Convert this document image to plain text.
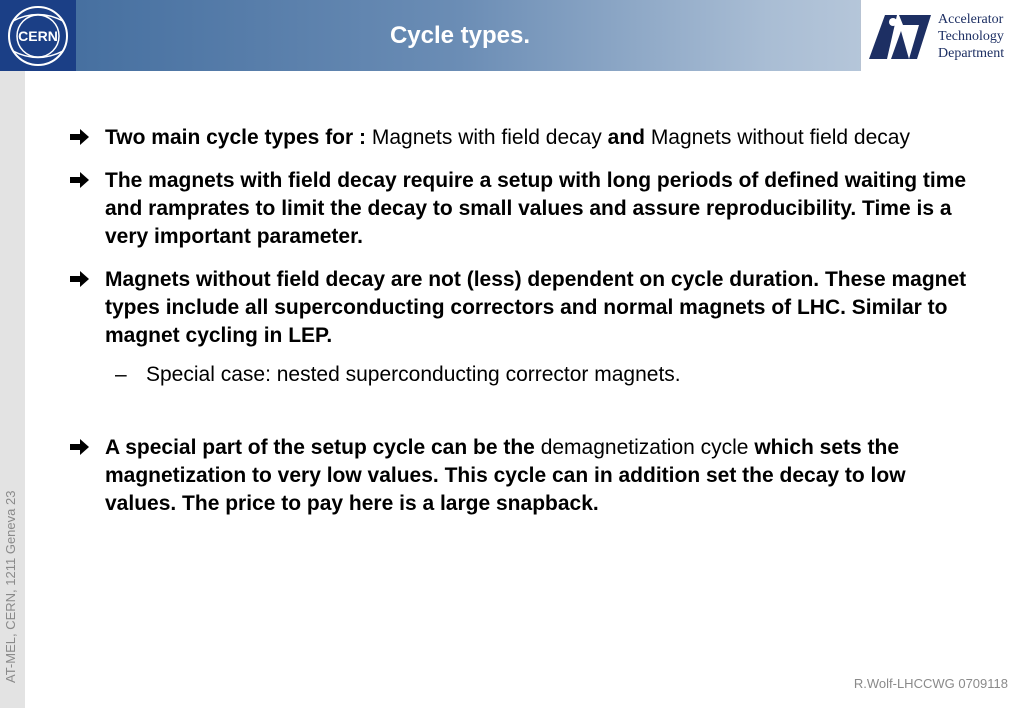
CERN	Cycle types.
Accelerator
Technology
Department
AT-MEL, CERN, 1211 Geneva 23
Two main cycle types for : Magnets with field decay and Magnets without field decay
The magnets with field decay require a setup with long periods of defined waiting time and ramprates to limit the decay to small values and assure reproducibility. Time is a very important parameter.
Magnets without field decay are not (less) dependent on cycle duration. These magnet types include all superconducting correctors and normal magnets of LHC. Similar to magnet cycling in LEP.
– Special case: nested superconducting corrector magnets.
A special part of the setup cycle can be the demagnetization cycle which sets the magnetization to very low values. This cycle can in addition set the decay to low values. The price to pay here is a large snapback.
R.Wolf-LHCCWG 0709118
